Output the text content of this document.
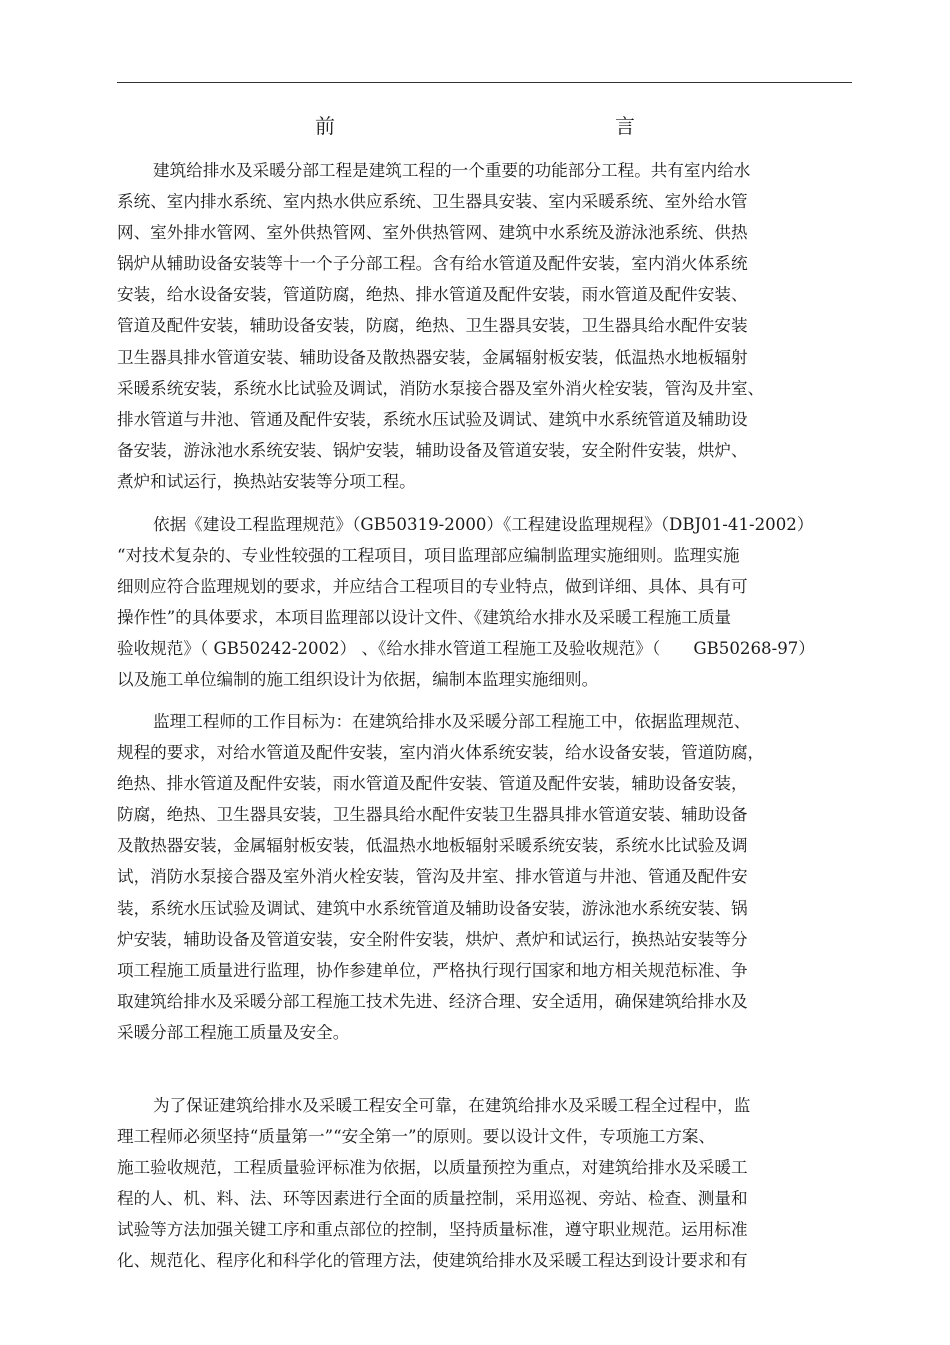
前　　言
建筑给排水及采暖分部工程是建筑工程的一个重要的功能部分工程。共有室内给水
系统、室内排水系统、室内热水供应系统、卫生器具安装、室内采暖系统、室外给水管
网、室外排水管网、室外供热管网、室外供热管网、建筑中水系统及游泳池系统、供热
锅炉从辅助设备安装等十一个子分部工程。含有给水管道及配件安装，室内消火体系统
安装，给水设备安装，管道防腐，绝热、排水管道及配件安装，雨水管道及配件安装、
管道及配件安装，辅助设备安装，防腐，绝热、卫生器具安装，卫生器具给水配件安装
卫生器具排水管道安装、辅助设备及散热器安装，金属辐射板安装，低温热水地板辐射
采暖系统安装，系统水比试验及调试，消防水泵接合器及室外消火栓安装，管沟及井室、
排水管道与井池、管通及配件安装，系统水压试验及调试、建筑中水系统管道及辅助设
备安装，游泳池水系统安装、锅炉安装，辅助设备及管道安装，安全附件安装，烘炉、
煮炉和试运行，换热站安装等分项工程。
依据《建设工程监理规范》（GB50319-2000）《工程建设监理规程》（DBJ01-41-2002）
“对技术复杂的、专业性较强的工程项目，项目监理部应编制监理实施细则。监理实施
细则应符合监理规划的要求，并应结合工程项目的专业特点，做到详细、具体、具有可
操作性”的具体要求，本项目监理部以设计文件、《建筑给水排水及采暖工程施工质量
验收规范》（ GB50242-2002） 、《给水排水管道工程施工及验收规范》（　　GB50268-97）
以及施工单位编制的施工组织设计为依据，编制本监理实施细则。
监理工程师的工作目标为：在建筑给排水及采暖分部工程施工中，依据监理规范、
规程的要求，对给水管道及配件安装，室内消火体系统安装，给水设备安装，管道防腐，
绝热、排水管道及配件安装，雨水管道及配件安装、管道及配件安装，辅助设备安装，
防腐，绝热、卫生器具安装，卫生器具给水配件安装卫生器具排水管道安装、辅助设备
及散热器安装，金属辐射板安装，低温热水地板辐射采暖系统安装，系统水比试验及调
试，消防水泵接合器及室外消火栓安装，管沟及井室、排水管道与井池、管通及配件安
装，系统水压试验及调试、建筑中水系统管道及辅助设备安装，游泳池水系统安装、锅
炉安装，辅助设备及管道安装，安全附件安装，烘炉、煮炉和试运行，换热站安装等分
项工程施工质量进行监理，协作参建单位，严格执行现行国家和地方相关规范标准、争
取建筑给排水及采暖分部工程施工技术先进、经济合理、安全适用，确保建筑给排水及
采暖分部工程施工质量及安全。
为了保证建筑给排水及采暖工程安全可靠，在建筑给排水及采暖工程全过程中，监
理工程师必须坚持“质量第一”“安全第一”的原则。要以设计文件，专项施工方案、
施工验收规范，工程质量验评标准为依据，以质量预控为重点，对建筑给排水及采暖工
程的人、机、料、法、环等因素进行全面的质量控制，采用巡视、旁站、检查、测量和
试验等方法加强关键工序和重点部位的控制，坚持质量标准，遵守职业规范。运用标准
化、规范化、程序化和科学化的管理方法，使建筑给排水及采暖工程达到设计要求和有
